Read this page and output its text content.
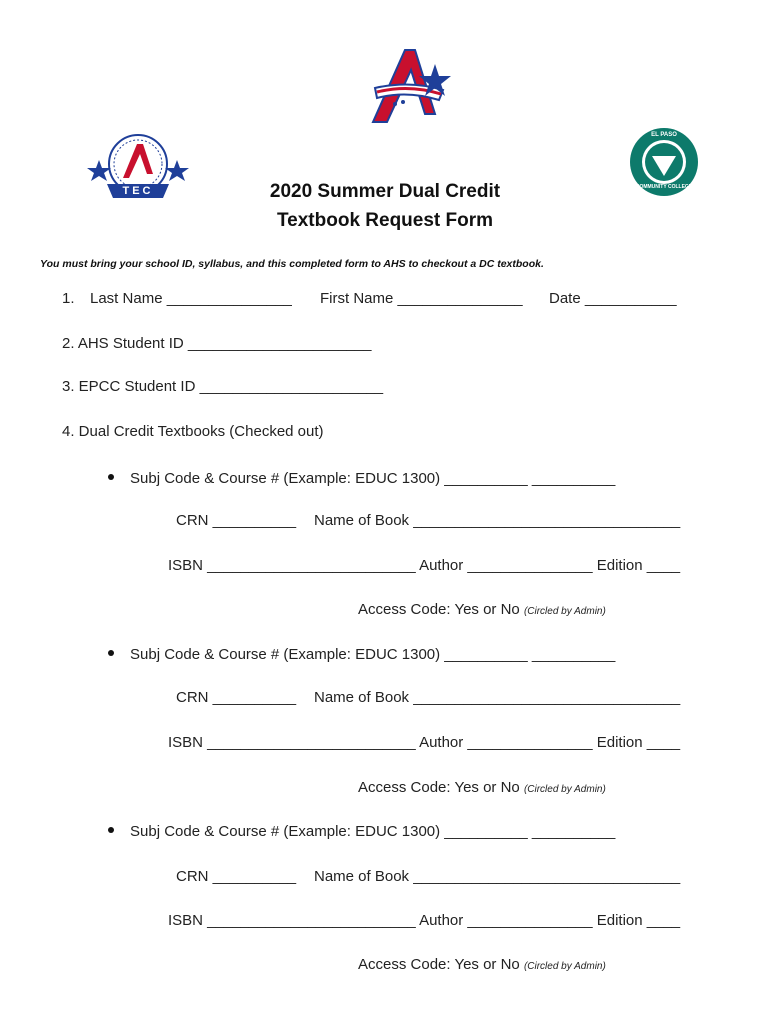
TEC
EL PASO
COMMUNITY COLLEGE
2020 Summer Dual Credit
Textbook Request Form
You must bring your school ID, syllabus, and this completed form to AHS to checkout a DC textbook.
1. Last Name _______________ First Name _______________ Date ___________
2. AHS Student ID ______________________
3. EPCC Student ID ______________________
4. Dual Credit Textbooks (Checked out)
Subj Code & Course # (Example: EDUC 1300) __________ __________
CRN __________ Name of Book ________________________________
ISBN _________________________ Author _______________ Edition ____
Access Code: Yes or No (Circled by Admin)
Subj Code & Course # (Example: EDUC 1300) __________ __________
CRN __________ Name of Book ________________________________
ISBN _________________________ Author _______________ Edition ____
Access Code: Yes or No (Circled by Admin)
Subj Code & Course # (Example: EDUC 1300) __________ __________
CRN __________ Name of Book ________________________________
ISBN _________________________ Author _______________ Edition ____
Access Code: Yes or No (Circled by Admin)
